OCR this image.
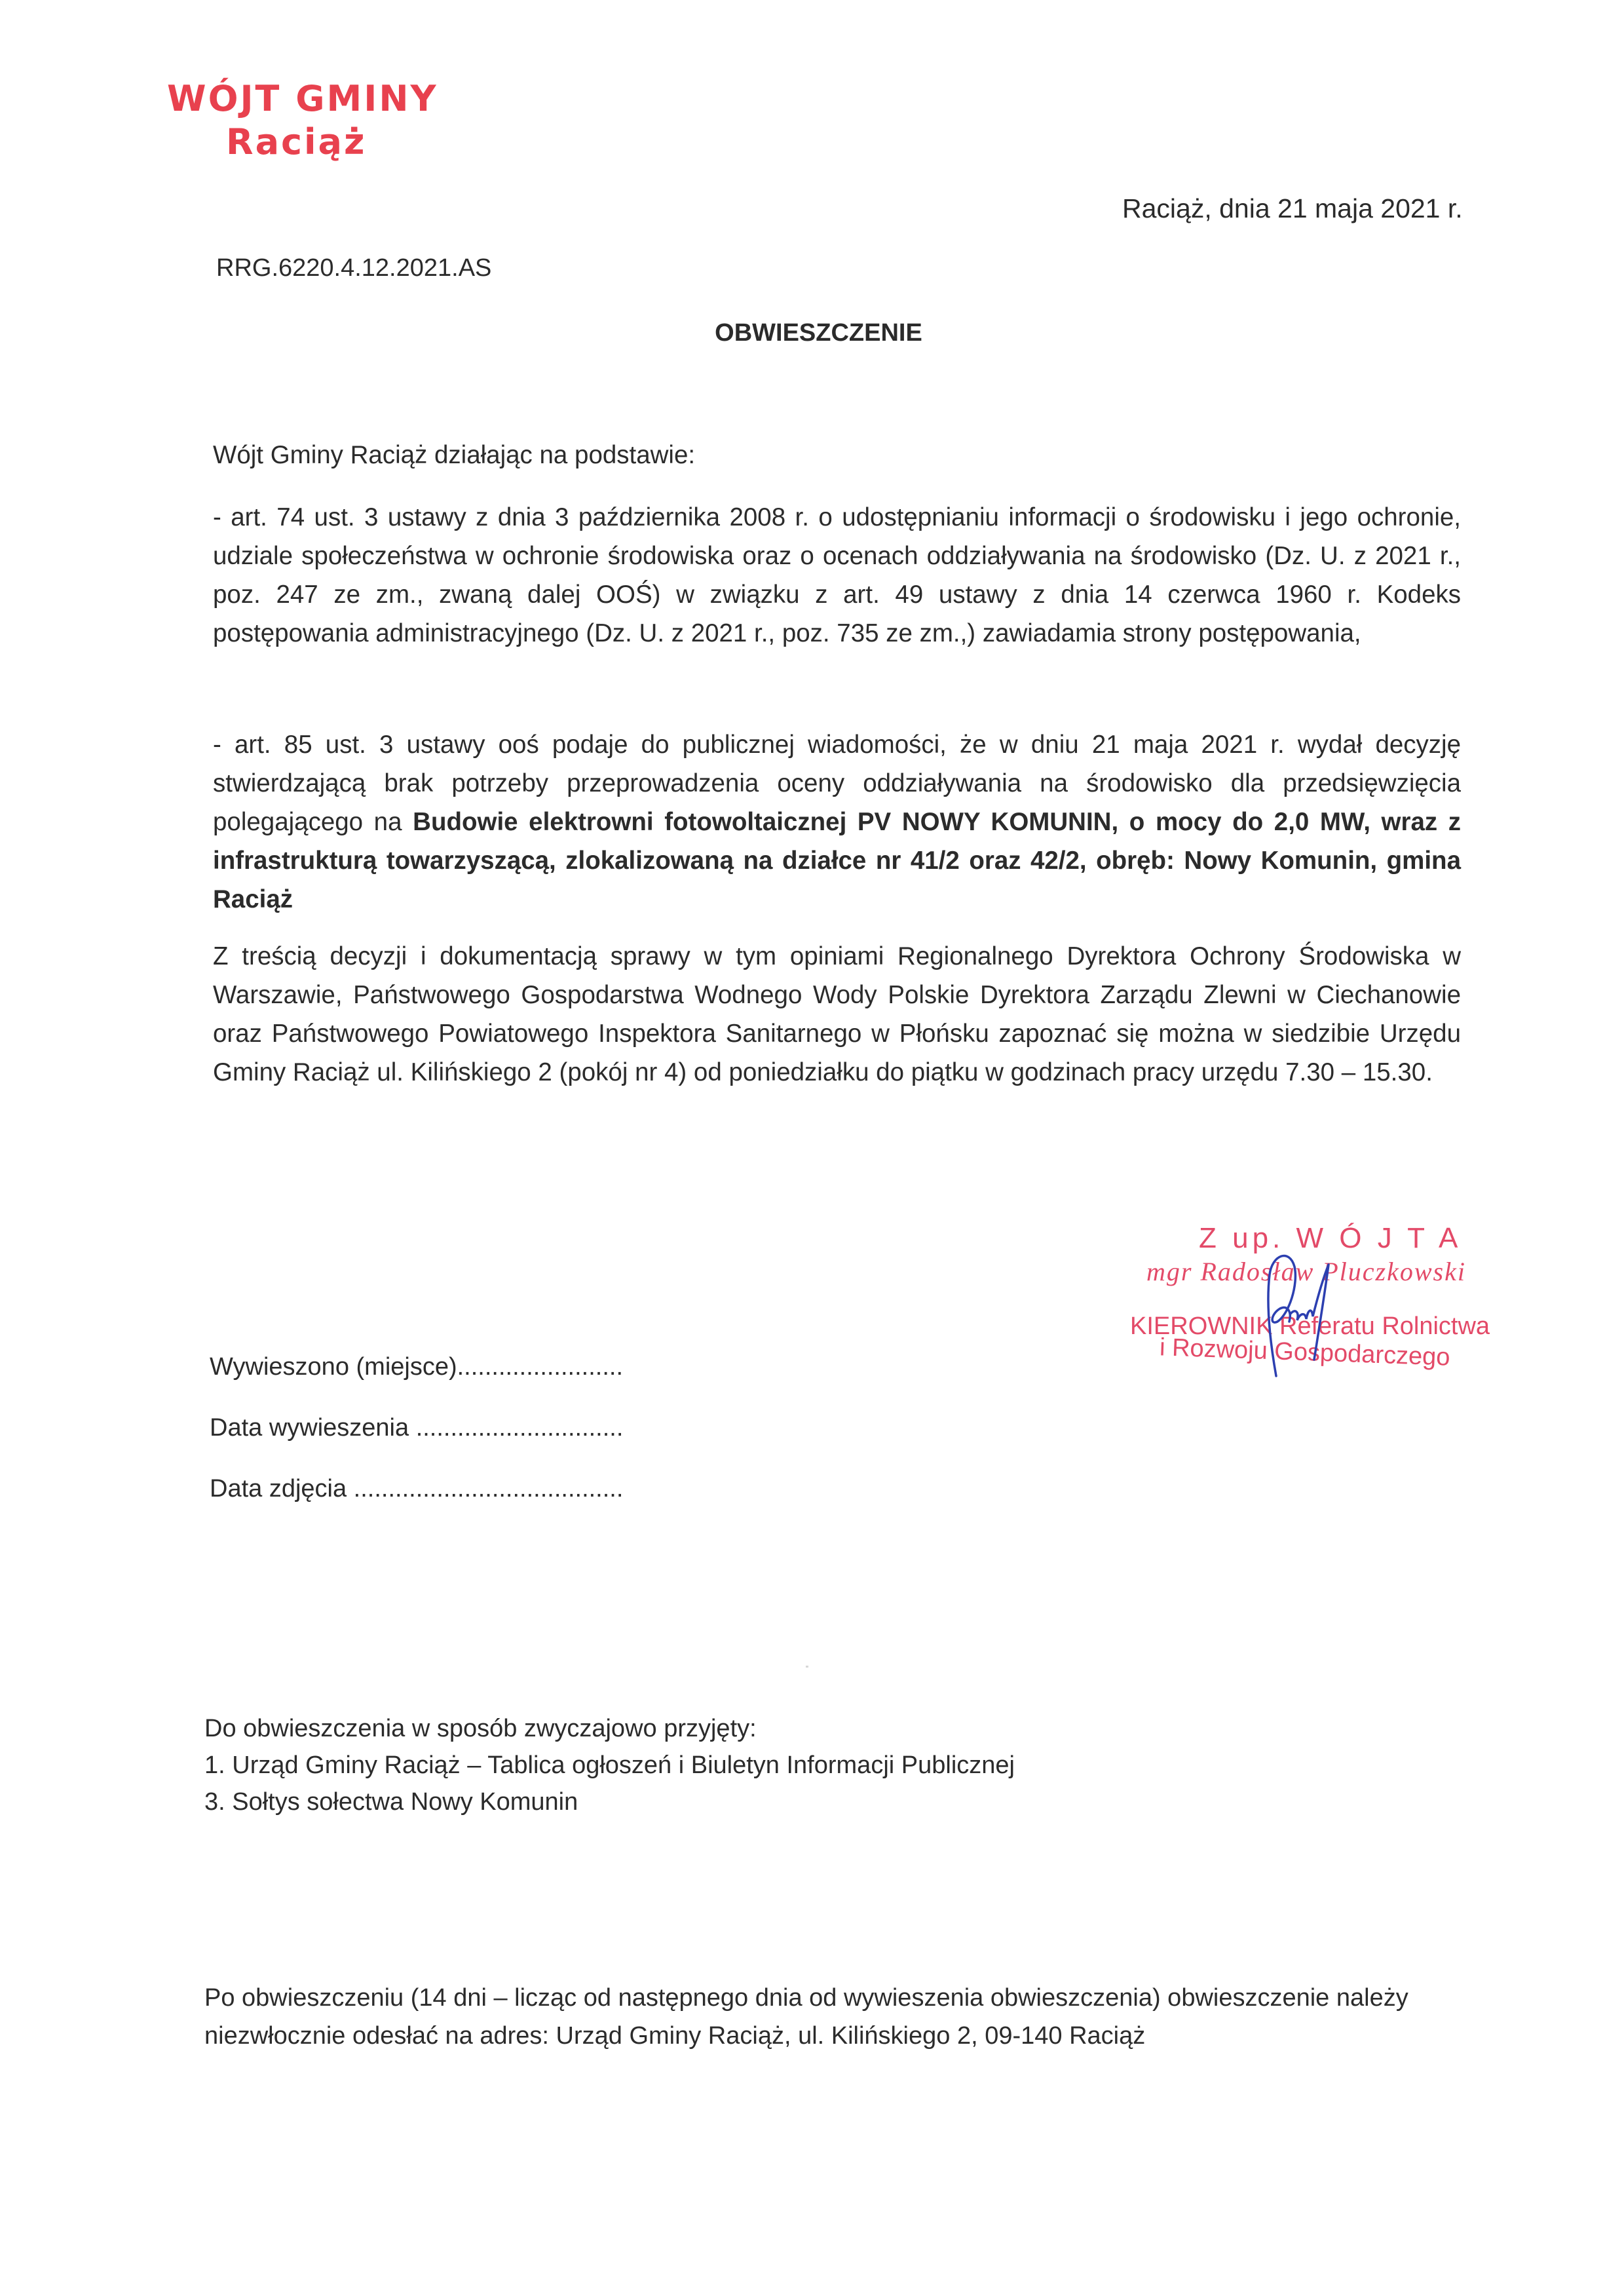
WÓJT GMINY
Raciąż
Raciąż, dnia 21 maja 2021 r.
RRG.6220.4.12.2021.AS
OBWIESZCZENIE
Wójt Gminy Raciąż działając na podstawie:
- art. 74 ust. 3 ustawy z dnia 3 października 2008 r. o udostępnianiu informacji o środowisku i jego ochronie, udziale społeczeństwa w ochronie środowiska oraz o ocenach oddziaływania na środowisko (Dz. U. z 2021 r., poz. 247 ze zm., zwaną dalej OOŚ) w związku z art. 49 ustawy z dnia 14 czerwca 1960 r. Kodeks postępowania administracyjnego (Dz. U. z 2021 r., poz. 735 ze zm.,) zawiadamia strony postępowania,
- art. 85 ust. 3 ustawy ooś podaje do publicznej wiadomości, że w dniu 21 maja 2021 r. wydał decyzję stwierdzającą brak potrzeby przeprowadzenia oceny oddziaływania na środowisko dla przedsięwzięcia polegającego na Budowie elektrowni fotowoltaicznej PV NOWY KOMUNIN, o mocy do 2,0 MW, wraz z infrastrukturą towarzyszącą, zlokalizowaną na działce nr 41/2 oraz 42/2, obręb: Nowy Komunin, gmina Raciąż
Z treścią decyzji i dokumentacją sprawy w tym opiniami Regionalnego Dyrektora Ochrony Środowiska w Warszawie, Państwowego Gospodarstwa Wodnego Wody Polskie Dyrektora Zarządu Zlewni w Ciechanowie oraz Państwowego Powiatowego Inspektora Sanitarnego w Płońsku zapoznać się można w siedzibie Urzędu Gminy Raciąż ul. Kilińskiego 2 (pokój nr 4) od poniedziałku do piątku w godzinach pracy urzędu 7.30 – 15.30.
Z up. W Ó J T A
mgr Radosław Pluczkowski
KIEROWNIK Referatu Rolnictwa
i Rozwoju Gospodarczego
Wywieszono (miejsce)........................
Data wywieszenia ..............................
Data zdjęcia .......................................
Do obwieszczenia w sposób zwyczajowo przyjęty:
1. Urząd Gminy Raciąż – Tablica ogłoszeń i Biuletyn Informacji Publicznej
3. Sołtys sołectwa Nowy Komunin
Po obwieszczeniu (14 dni – licząc od następnego dnia od wywieszenia obwieszczenia) obwieszczenie należy niezwłocznie odesłać na adres: Urząd Gminy Raciąż, ul. Kilińskiego 2, 09-140 Raciąż
